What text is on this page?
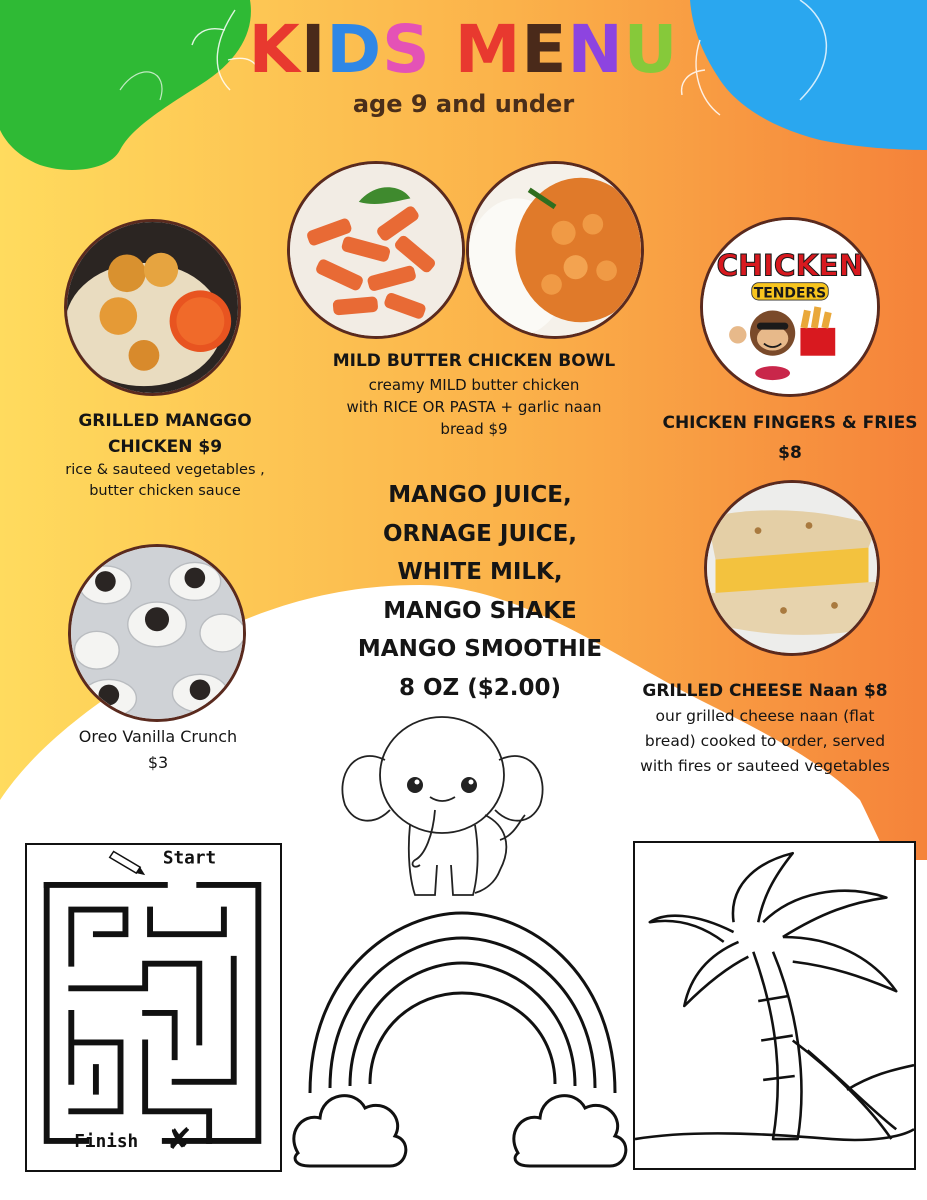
KIDS MENU
age 9 and under
GRILLED MANGGO
CHICKEN $9
rice & sauteed vegetables ,
butter chicken sauce
MILD BUTTER CHICKEN BOWL
creamy MILD butter chicken
with RICE OR PASTA + garlic naan
bread $9
CHICKEN
TENDERS
CHICKEN FINGERS & FRIES
$8
MANGO JUICE,
ORNAGE JUICE,
WHITE MILK,
MANGO SHAKE
MANGO SMOOTHIE
8 OZ ($2.00)	GRILLED CHEESE Naan $8
our grilled cheese naan (flat
bread) cooked to order, served
with fires or sauteed vegetables
Oreo Vanilla Crunch
$3
Start
Finish ✘
